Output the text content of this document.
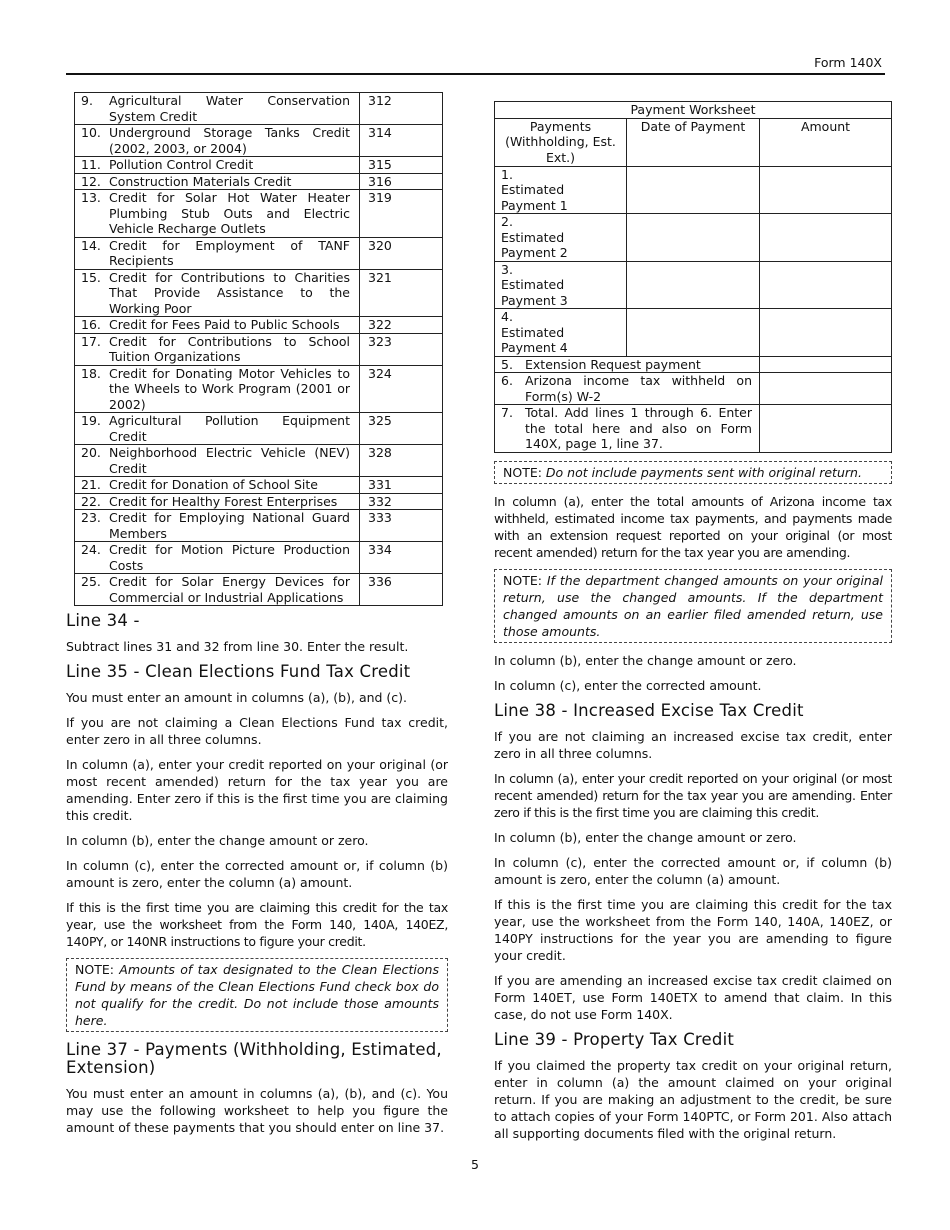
Form 140X
9. Agricultural Water Conservation System Credit	312
10. Underground Storage Tanks Credit (2002, 2003, or 2004)	314
11. Pollution Control Credit	315
12. Construction Materials Credit	316
13. Credit for Solar Hot Water Heater Plumbing Stub Outs and Electric Vehicle Recharge Outlets	319
14. Credit for Employment of TANF Recipients	320
15. Credit for Contributions to Charities That Provide Assistance to the Working Poor	321
16. Credit for Fees Paid to Public Schools	322
17. Credit for Contributions to School Tuition Organizations	323
18. Credit for Donating Motor Vehicles to the Wheels to Work Program (2001 or 2002)	324
19. Agricultural Pollution Equipment Credit	325
20. Neighborhood Electric Vehicle (NEV) Credit	328
21. Credit for Donation of School Site	331
22. Credit for Healthy Forest Enterprises	332
23. Credit for Employing National Guard Members	333
24. Credit for Motion Picture Production Costs	334
25. Credit for Solar Energy Devices for Commercial or Industrial Applications	336
Line 34 -

Subtract lines 31 and 32 from line 30. Enter the result.

Line 35 - Clean Elections Fund Tax Credit

You must enter an amount in columns (a), (b), and (c).

If you are not claiming a Clean Elections Fund tax credit, enter zero in all three columns.

In column (a), enter your credit reported on your original (or most recent amended) return for the tax year you are amending. Enter zero if this is the first time you are claiming this credit.

In column (b), enter the change amount or zero.

In column (c), enter the corrected amount or, if column (b) amount is zero, enter the column (a) amount.

If this is the first time you are claiming this credit for the tax year, use the worksheet from the Form 140, 140A, 140EZ, 140PY, or 140NR instructions to figure your credit.

NOTE: Amounts of tax designated to the Clean Elections Fund by means of the Clean Elections Fund check box do not qualify for the credit. Do not include those amounts here.
Line 37 - Payments (Withholding, Estimated, Extension)

You must enter an amount in columns (a), (b), and (c). You may use the following worksheet to help you figure the amount of these payments that you should enter on line 37.

Payment Worksheet		
Payments (Withholding, Est. Ext.)	Date of Payment	Amount
1.Estimated Payment 1		
2.Estimated Payment 2		
3.Estimated Payment 3		
4.Estimated Payment 4		
5. Extension Request payment		
6. Arizona income tax withheld on Form(s) W-2		
7. Total. Add lines 1 through 6. Enter the total here and also on Form 140X, page 1, line 37.		
NOTE: Do not include payments sent with original return.

In column (a), enter the total amounts of Arizona income tax withheld, estimated income tax payments, and payments made with an extension request reported on your original (or most recent amended) return for the tax year you are amending.

NOTE: If the department changed amounts on your original return, use the changed amounts. If the department changed amounts on an earlier filed amended return, use those amounts.

In column (b), enter the change amount or zero.

In column (c), enter the corrected amount.

Line 38 - Increased Excise Tax Credit

If you are not claiming an increased excise tax credit, enter zero in all three columns.

In column (a), enter your credit reported on your original (or most recent amended) return for the tax year you are amending. Enter zero if this is the first time you are claiming this credit.

In column (b), enter the change amount or zero.

In column (c), enter the corrected amount or, if column (b) amount is zero, enter the column (a) amount.

If this is the first time you are claiming this credit for the tax year, use the worksheet from the Form 140, 140A, 140EZ, or 140PY instructions for the year you are amending to figure your credit.

If you are amending an increased excise tax credit claimed on Form 140ET, use Form 140ETX to amend that claim. In this case, do not use Form 140X.

Line 39 - Property Tax Credit

If you claimed the property tax credit on your original return, enter in column (a) the amount claimed on your original return. If you are making an adjustment to the credit, be sure to attach copies of your Form 140PTC, or Form 201. Also attach all supporting documents filed with the original return.

5
